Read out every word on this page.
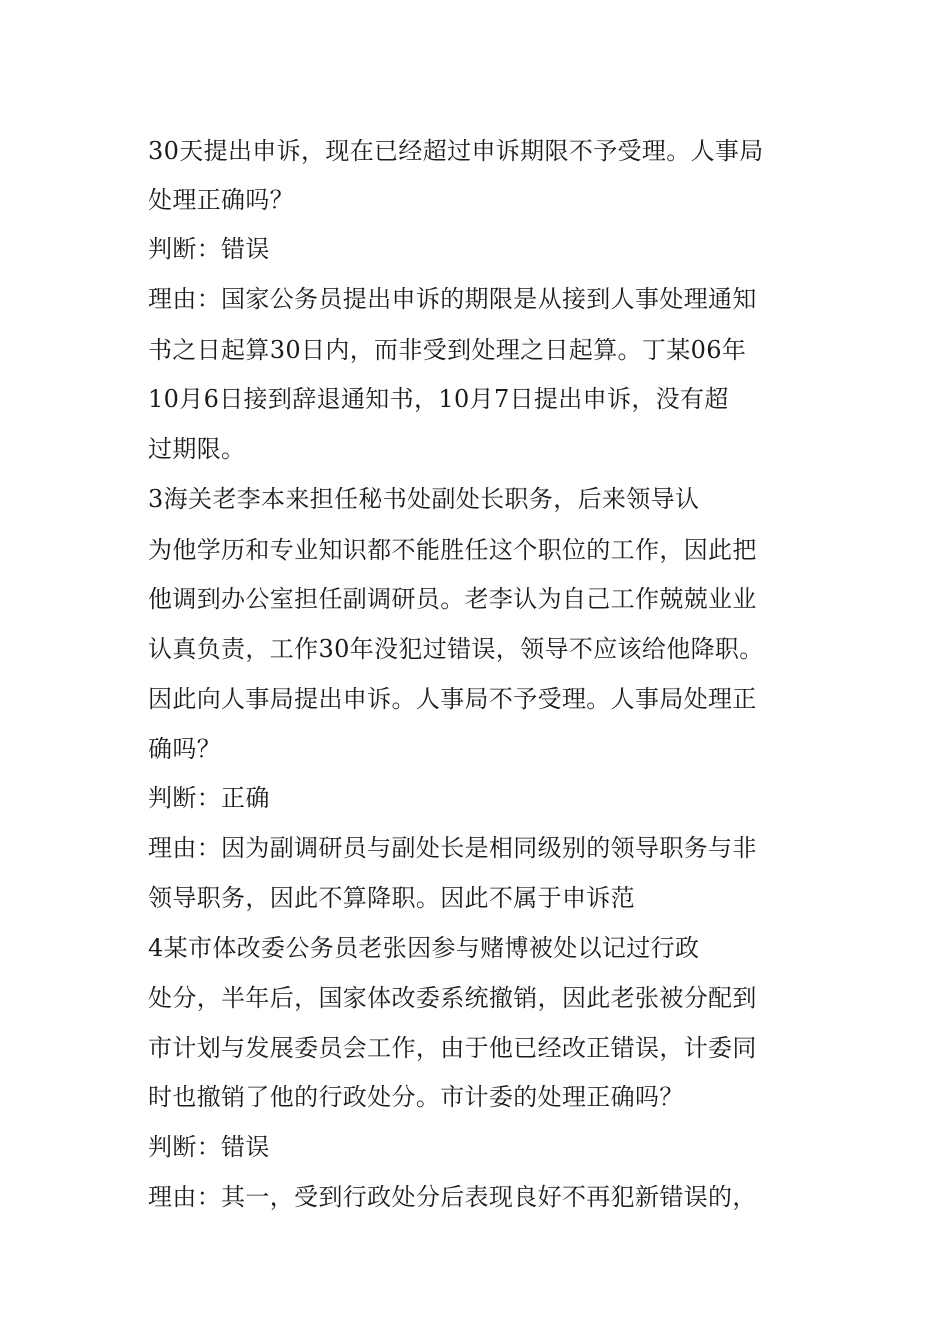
30天提出申诉，现在已经超过申诉期限不予受理。人事局
处理正确吗？
判断：错误
理由：国家公务员提出申诉的期限是从接到人事处理通知
书之日起算30日内，而非受到处理之日起算。丁某06年
10月6日接到辞退通知书，10月7日提出申诉，没有超
过期限。
3海关老李本来担任秘书处副处长职务，后来领导认
为他学历和专业知识都不能胜任这个职位的工作，因此把
他调到办公室担任副调研员。老李认为自己工作兢兢业业
认真负责，工作30年没犯过错误，领导不应该给他降职。
因此向人事局提出申诉。人事局不予受理。人事局处理正
确吗？
判断：正确
理由：因为副调研员与副处长是相同级别的领导职务与非
领导职务，因此不算降职。因此不属于申诉范
4某市体改委公务员老张因参与赌博被处以记过行政
处分，半年后，国家体改委系统撤销，因此老张被分配到
市计划与发展委员会工作，由于他已经改正错误，计委同
时也撤销了他的行政处分。市计委的处理正确吗？
判断：错误
理由：其一，受到行政处分后表现良好不再犯新错误的，
